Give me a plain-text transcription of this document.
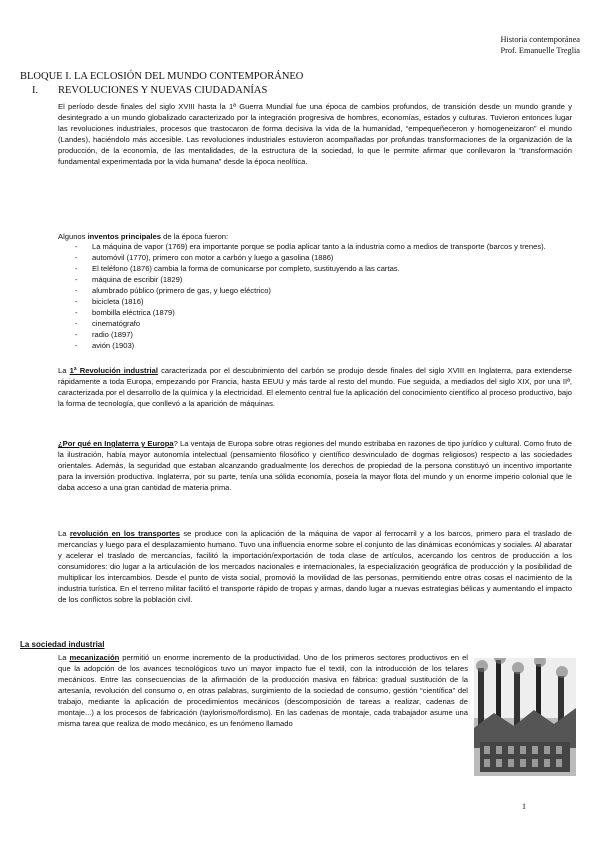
Historia contemporánea
Prof. Emanuelle Treglia
BLOQUE I. LA ECLOSIÓN DEL MUNDO CONTEMPORÁNEO
I. REVOLUCIONES Y NUEVAS CIUDADANÍAS

El período desde finales del siglo XVIII hasta la 1ª Guerra Mundial fue una época de cambios profundos, de transición desde un mundo grande y desintegrado a un mundo globalizado caracterizado por la integración progresiva de hombres, economías, estados y culturas. Tuvieron entonces lugar las revoluciones industriales, procesos que trastocaron de forma decisiva la vida de la humanidad, “empequeñeceron y homogeneizaron” el mundo (Landes), haciéndolo más accesible. Las revoluciones industriales estuvieron acompañadas por profundas transformaciones de la organización de la producción, de la economía, de las mentalidades, de la estructura de la sociedad, lo que le permite afirmar que conllevaron la “transformación fundamental experimentada por la vida humana” desde la época neolítica.

Algunos inventos principales de la época fueron:

- La máquina de vapor (1769) era importante porque se podía aplicar tanto a la industria como a medios de transporte (barcos y trenes).
- automóvil (1770), primero con motor a carbón y luego a gasolina (1886)
- El teléfono (1876) cambia la forma de comunicarse por completo, sustituyendo a las cartas.
- máquina de escribir (1829)
- alumbrado público (primero de gas, y luego eléctrico)
- bicicleta (1816)
- bombilla eléctrica (1879)
- cinematógrafo
- radio (1897)
- avión (1903)

La 1ª Revolución industrial caracterizada por el descubrimiento del carbón se produjo desde finales del siglo XVIII en Inglaterra, para extenderse rápidamente a toda Europa, empezando por Francia, hasta EEUU y más tarde al resto del mundo. Fue seguida, a mediados del siglo XIX, por una IIª, caracterizada por el desarrollo de la química y la electricidad. El elemento central fue la aplicación del conocimiento científico al proceso productivo, bajo la forma de tecnología, que conllevó a la aparición de máquinas.

¿Por qué en Inglaterra y Europa? La ventaja de Europa sobre otras regiones del mundo estribaba en razones de tipo jurídico y cultural. Como fruto de la ilustración, había mayor autonomía intelectual (pensamiento filosófico y científico desvinculado de dogmas religiosos) respecto a las sociedades orientales. Además, la seguridad que estaban alcanzando gradualmente los derechos de propiedad de la persona constituyó un incentivo importante para la inversión productiva. Inglaterra, por su parte, tenía una sólida economía, poseía la mayor flota del mundo y un enorme imperio colonial que le daba acceso a una gran cantidad de materia prima.

La revolución en los transportes se produce con la aplicación de la máquina de vapor al ferrocarril y a los barcos, primero para el traslado de mercancías y luego para el desplazamiento humano. Tuvo una influencia enorme sobre el conjunto de las dinámicas económicas y sociales. Al abaratar y acelerar el traslado de mercancías, facilitó la importación/exportación de toda clase de artículos, acercando los centros de producción a los consumidores: dio lugar a la articulación de los mercados nacionales e internacionales, la especialización geográfica de producción y la posibilidad de multiplicar los intercambios. Desde el punto de vista social, promovió la movilidad de las personas, permitiendo entre otras cosas el nacimiento de la industria turística. En el terreno militar facilitó el transporte rápido de tropas y armas, dando lugar a nuevas estrategias bélicas y aumentando el impacto de los conflictos sobre la población civil.

La sociedad industrial

La mecanización permitió un enorme incremento de la productividad. Uno de los primeros sectores productivos en el que la adopción de los avances tecnológicos tuvo un mayor impacto fue el textil, con la introducción de los telares mecánicos. Entre las consecuencias de la afirmación de la producción masiva en fábrica: gradual sustitución de la artesanía, revolución del consumo o, en otras palabras, surgimiento de la sociedad de consumo, gestión “científica” del trabajo, mediante la aplicación de procedimientos mecánicos (descomposición de tareas a realizar, cadenas de montaje...) a los procesos de fabricación (taylorismo/fordismo). En las cadenas de montaje, cada trabajador asume una misma tarea que realiza de modo mecánico, es un fenómeno llamado

1
